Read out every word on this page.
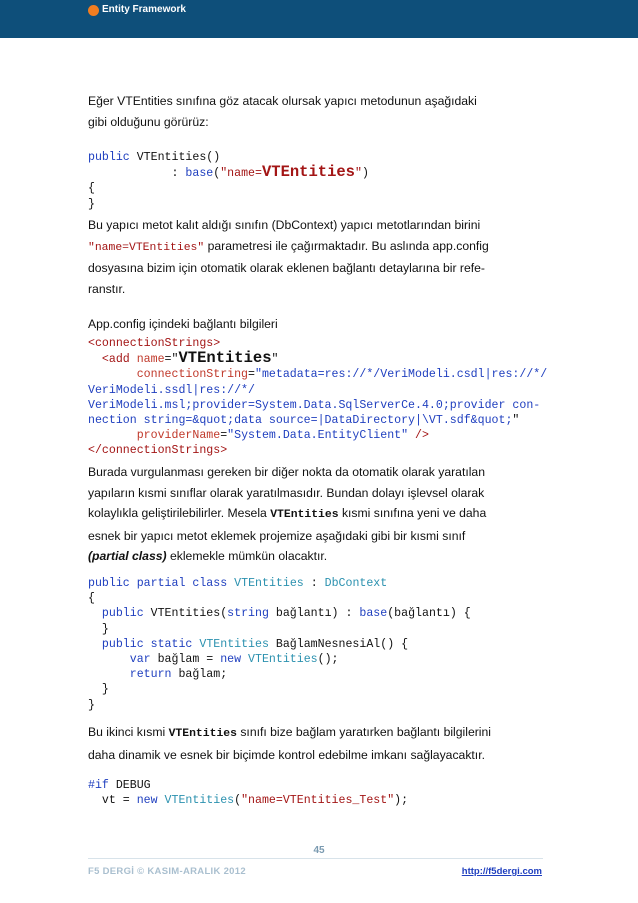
Entity Framework

Eğer VTEntities sınıfına göz atacak olursak yapıcı metodunun aşağıdaki
gibi olduğunu görürüz:

public VTEntities()
: base("name=VTEntities")
{
}

Bu yapıcı metot kalıt aldığı sınıfın (DbContext) yapıcı metotlarından birini
"name=VTEntities" parametresi ile çağırmaktadır. Bu aslında app.config
dosyasına bizim için otomatik olarak eklenen bağlantı detaylarına bir refe-
ranstır.

App.config içindeki bağlantı bilgileri

<connectionStrings>
<add name="VTEntities"
connectionString="metadata=res://*/VeriModeli.csdl|res://*/
VeriModeli.ssdl|res://*/
VeriModeli.msl;provider=System.Data.SqlServerCe.4.0;provider con-
nection string=&quot;data source=|DataDirectory|\VT.sdf&quot;"
providerName="System.Data.EntityClient" />
</connectionStrings>

Burada vurgulanması gereken bir diğer nokta da otomatik olarak yaratılan
yapıların kısmi sınıflar olarak yaratılmasıdır. Bundan dolayı işlevsel olarak
kolaylıkla geliştirilebilirler. Mesela VTEntities kısmi sınıfına yeni ve daha
esnek bir yapıcı metot eklemek projemize aşağıdaki gibi bir kısmi sınıf
(partial class) eklemekle mümkün olacaktır.

public partial class VTEntities : DbContext
{
public VTEntities(string bağlantı) : base(bağlantı) {
}
public static VTEntities BağlamNesnesiAl() {
var bağlam = new VTEntities();
return bağlam;
}
}

Bu ikinci kısmi VTEntities sınıfı bize bağlam yaratırken bağlantı bilgilerini
daha dinamik ve esnek bir biçimde kontrol edebilme imkanı sağlayacaktır.

#if DEBUG
vt = new VTEntities("name=VTEntities_Test");
45
F5 DERGİ © KASIM-ARALIK 2012	http://f5dergi.com
